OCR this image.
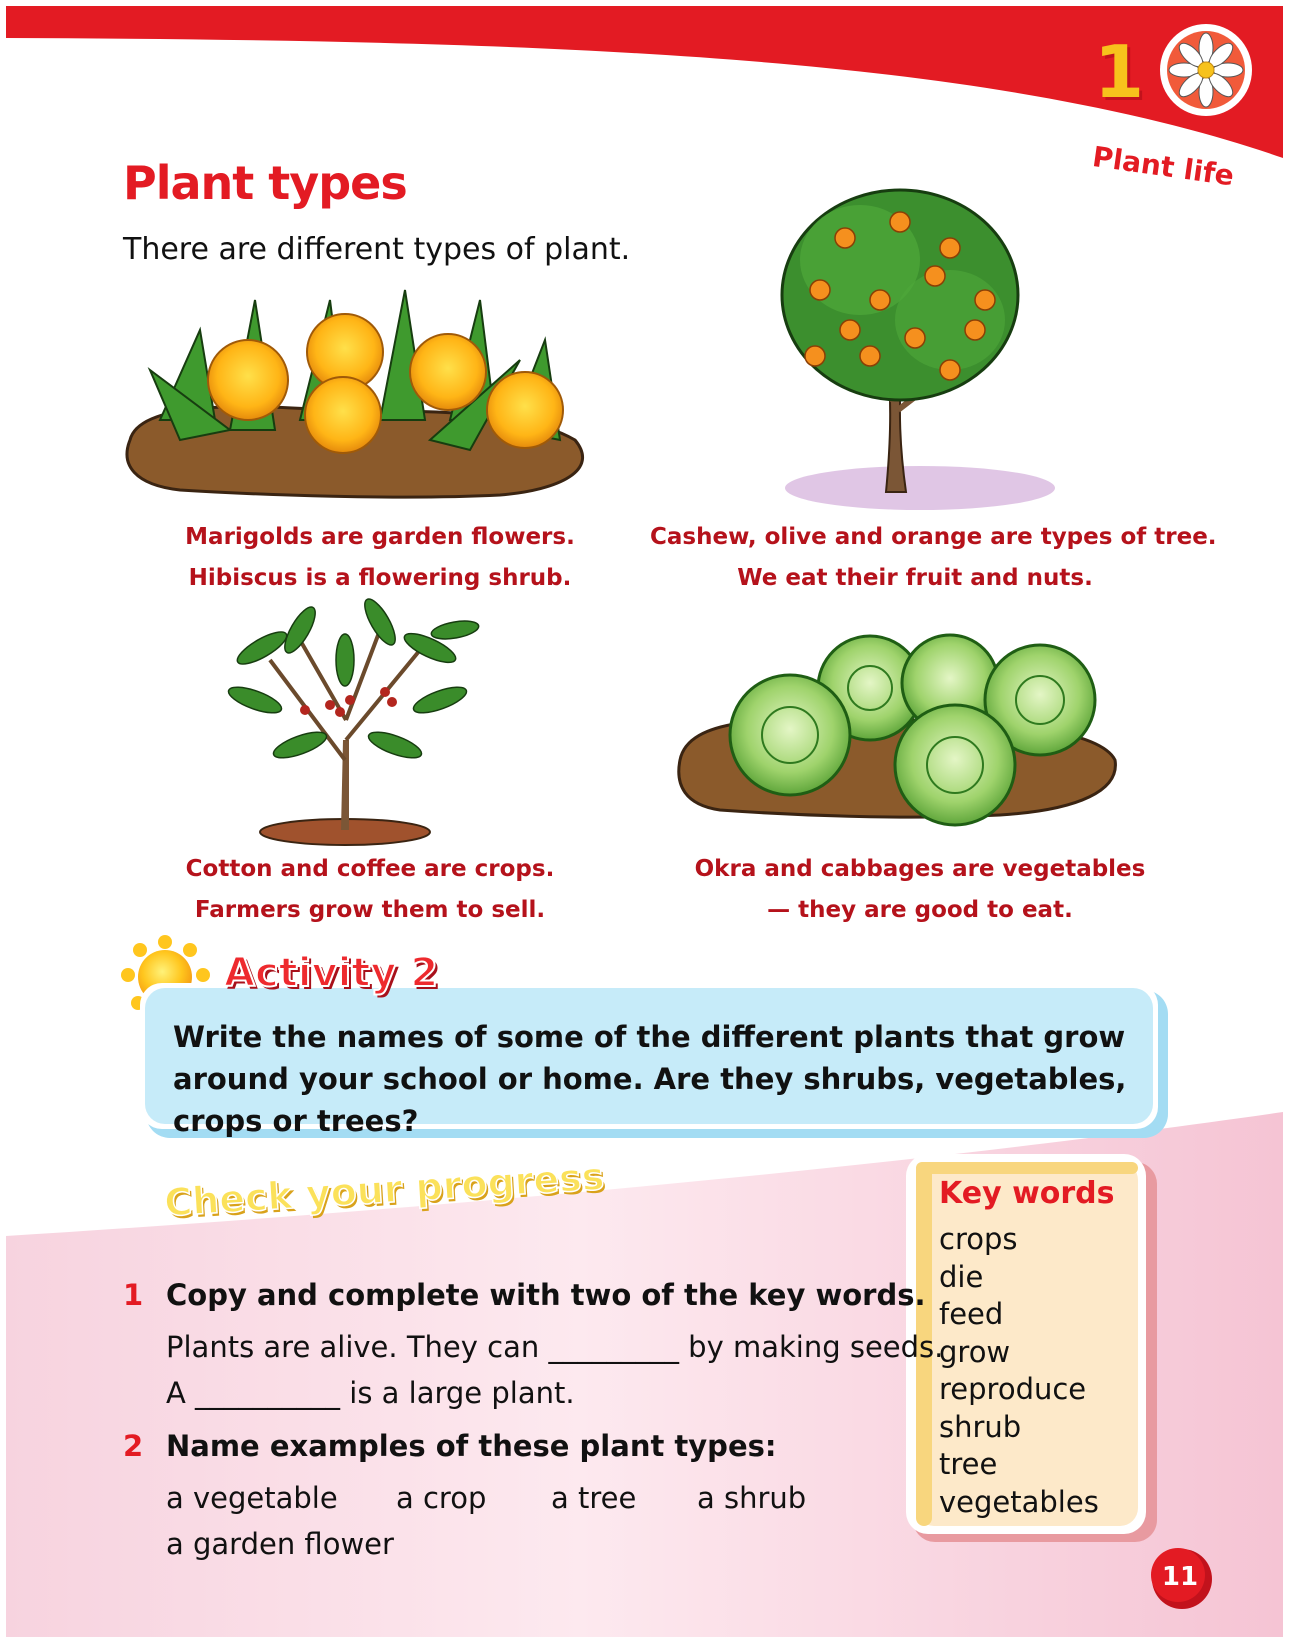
1
Plant life
Plant types
There are different types of plant.
Marigolds are garden flowers.
Hibiscus is a flowering shrub.
Cashew, olive and orange are types of tree.
We eat their fruit and nuts.
Cotton and coffee are crops.
Farmers grow them to sell.
Okra and cabbages are vegetables
— they are good to eat.
Activity 2
Write the names of some of the different plants that grow around your school or home. Are they shrubs, vegetables, crops or trees?
Check your progress
1 Copy and complete with two of the key words.
Plants are alive. They can _________ by making seeds.
A __________ is a large plant.
2 Name examples of these plant types:
a vegetable a crop a tree a shrub
a garden flower
Key words
crops
die
feed
grow
reproduce
shrub
tree
vegetables
11
